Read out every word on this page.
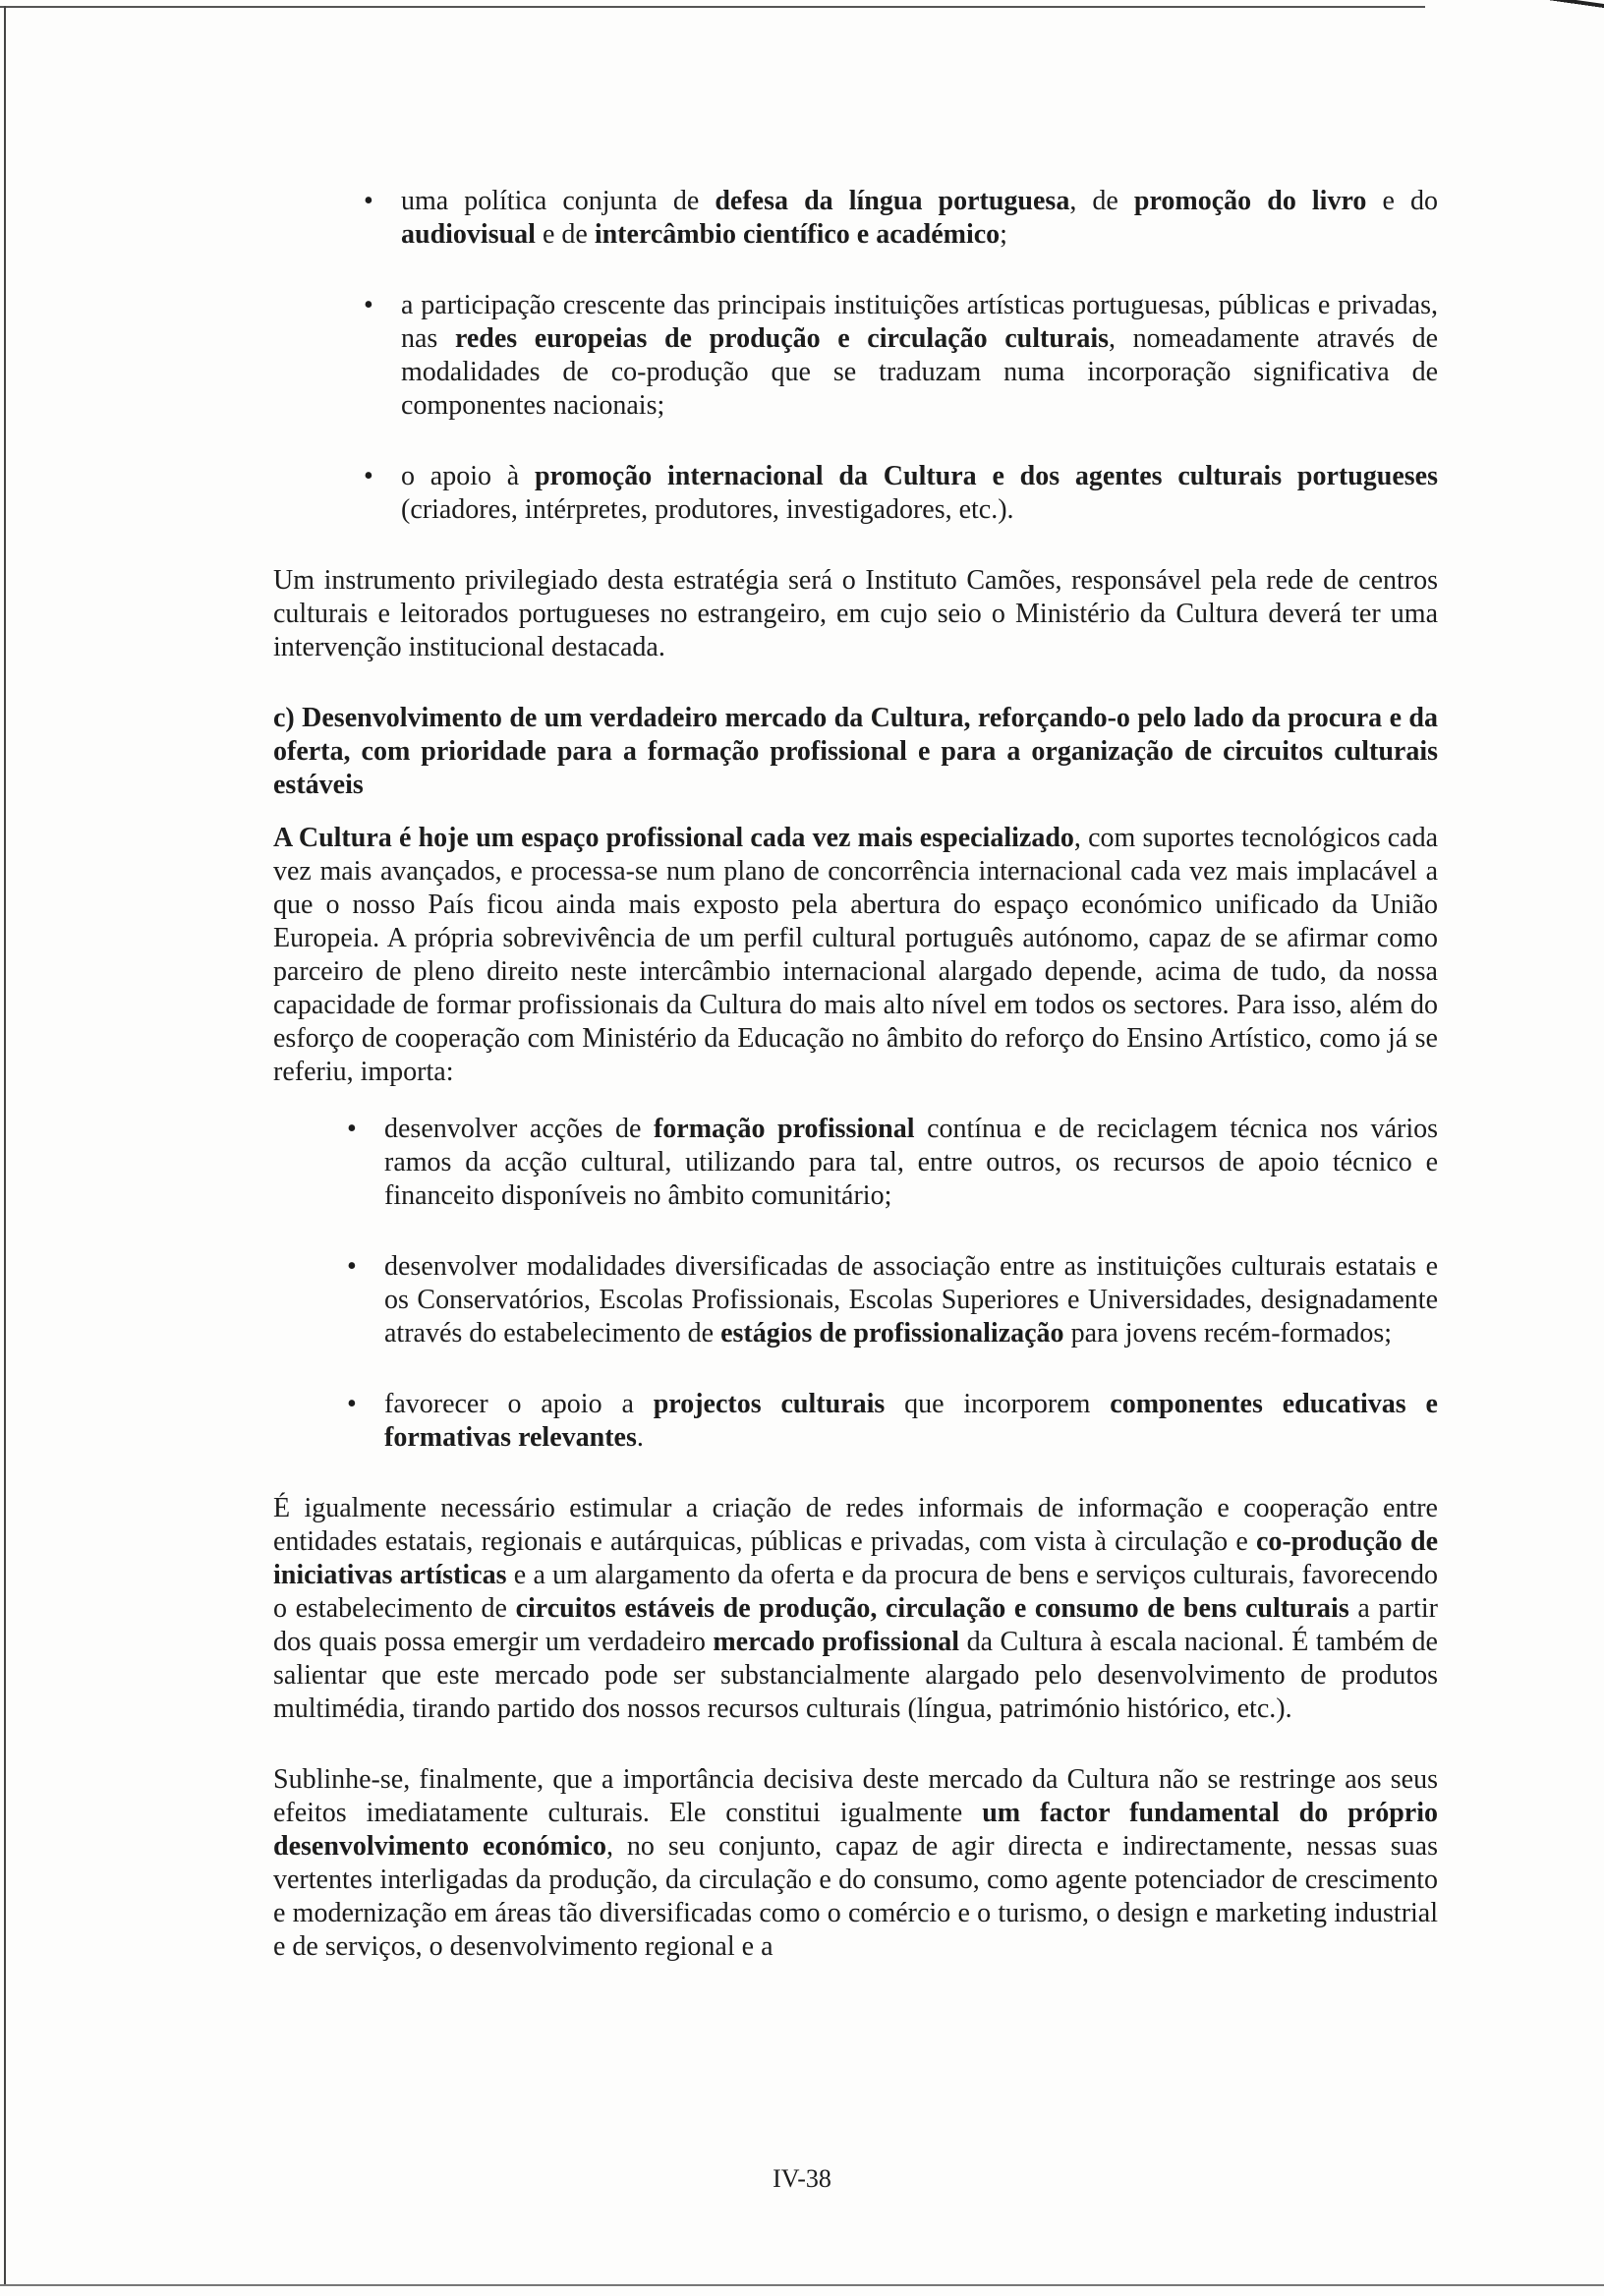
• uma política conjunta de defesa da língua portuguesa, de promoção do livro e do audiovisual e de intercâmbio científico e académico;
• a participação crescente das principais instituições artísticas portuguesas, públicas e privadas, nas redes europeias de produção e circulação culturais, nomeadamente através de modalidades de co-produção que se traduzam numa incorporação significativa de componentes nacionais;
• o apoio à promoção internacional da Cultura e dos agentes culturais portugueses (criadores, intérpretes, produtores, investigadores, etc.).

Um instrumento privilegiado desta estratégia será o Instituto Camões, responsável pela rede de centros culturais e leitorados portugueses no estrangeiro, em cujo seio o Ministério da Cultura deverá ter uma intervenção institucional destacada.

c) Desenvolvimento de um verdadeiro mercado da Cultura, reforçando-o pelo lado da procura e da oferta, com prioridade para a formação profissional e para a organização de circuitos culturais estáveis

A Cultura é hoje um espaço profissional cada vez mais especializado, com suportes tecnológicos cada vez mais avançados, e processa-se num plano de concorrência internacional cada vez mais implacável a que o nosso País ficou ainda mais exposto pela abertura do espaço económico unificado da União Europeia. A própria sobrevivência de um perfil cultural português autónomo, capaz de se afirmar como parceiro de pleno direito neste intercâmbio internacional alargado depende, acima de tudo, da nossa capacidade de formar profissionais da Cultura do mais alto nível em todos os sectores. Para isso, além do esforço de cooperação com Ministério da Educação no âmbito do reforço do Ensino Artístico, como já se referiu, importa:

• desenvolver acções de formação profissional contínua e de reciclagem técnica nos vários ramos da acção cultural, utilizando para tal, entre outros, os recursos de apoio técnico e financeito disponíveis no âmbito comunitário;
• desenvolver modalidades diversificadas de associação entre as instituições culturais estatais e os Conservatórios, Escolas Profissionais, Escolas Superiores e Universidades, designadamente através do estabelecimento de estágios de profissionalização para jovens recém-formados;
• favorecer o apoio a projectos culturais que incorporem componentes educativas e formativas relevantes.

É igualmente necessário estimular a criação de redes informais de informação e cooperação entre entidades estatais, regionais e autárquicas, públicas e privadas, com vista à circulação e co-produção de iniciativas artísticas e a um alargamento da oferta e da procura de bens e serviços culturais, favorecendo o estabelecimento de circuitos estáveis de produção, circulação e consumo de bens culturais a partir dos quais possa emergir um verdadeiro mercado profissional da Cultura à escala nacional. É também de salientar que este mercado pode ser substancialmente alargado pelo desenvolvimento de produtos multimédia, tirando partido dos nossos recursos culturais (língua, património histórico, etc.).

Sublinhe-se, finalmente, que a importância decisiva deste mercado da Cultura não se restringe aos seus efeitos imediatamente culturais. Ele constitui igualmente um factor fundamental do próprio desenvolvimento económico, no seu conjunto, capaz de agir directa e indirectamente, nessas suas vertentes interligadas da produção, da circulação e do consumo, como agente potenciador de crescimento e modernização em áreas tão diversificadas como o comércio e o turismo, o design e marketing industrial e de serviços, o desenvolvimento regional e a

IV-38
